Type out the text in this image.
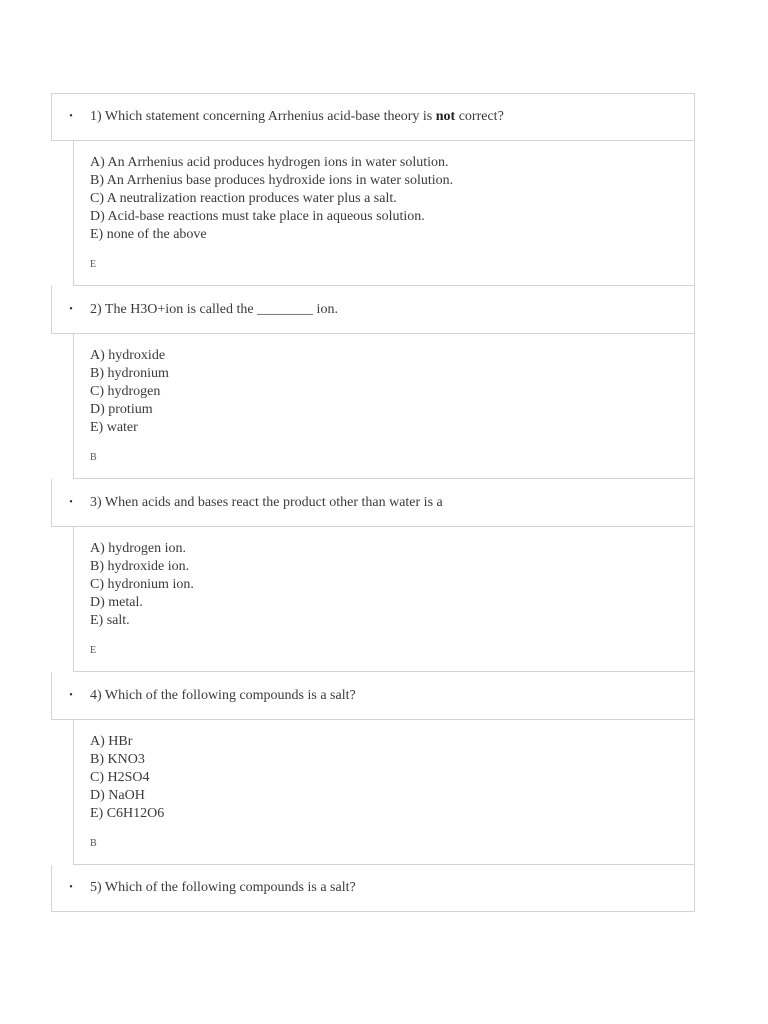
•	1) Which statement concerning Arrhenius acid-base theory is not correct?
A) An Arrhenius acid produces hydrogen ions in water solution.
B) An Arrhenius base produces hydroxide ions in water solution.
C) A neutralization reaction produces water plus a salt.
D) Acid-base reactions must take place in aqueous solution.
E) none of the above
E
•	2) The H3O+ion is called the ________ ion.
A) hydroxide
B) hydronium
C) hydrogen
D) protium
E) water
B
•	3) When acids and bases react the product other than water is a
A) hydrogen ion.
B) hydroxide ion.
C) hydronium ion.
D) metal.
E) salt.
E
•	4) Which of the following compounds is a salt?
A) HBr
B) KNO3
C) H2SO4
D) NaOH
E) C6H12O6
B
•	5) Which of the following compounds is a salt?
